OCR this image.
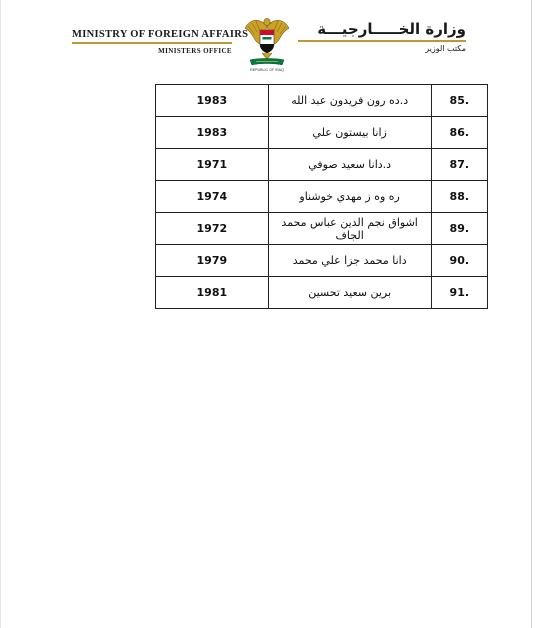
MINISTRY OF FOREIGN AFFAIRS
MINISTERS OFFICE
REPUBLIC OF IRAQ
وزارة الخـــــارجيـــة
مكتب الوزير
85.	د.ده رون فريدون عبد الله	1983
86.	زانا بيستون علي	1983
87.	د.دانا سعيد صوفي	1971
88.	ره وه ز مهدي خوشناو	1974
89.	اشواق نجم الدين عباس محمد الجاف	1972
90.	دانا محمد جزا علي محمد	1979
91.	برين سعيد تحسين	1981
